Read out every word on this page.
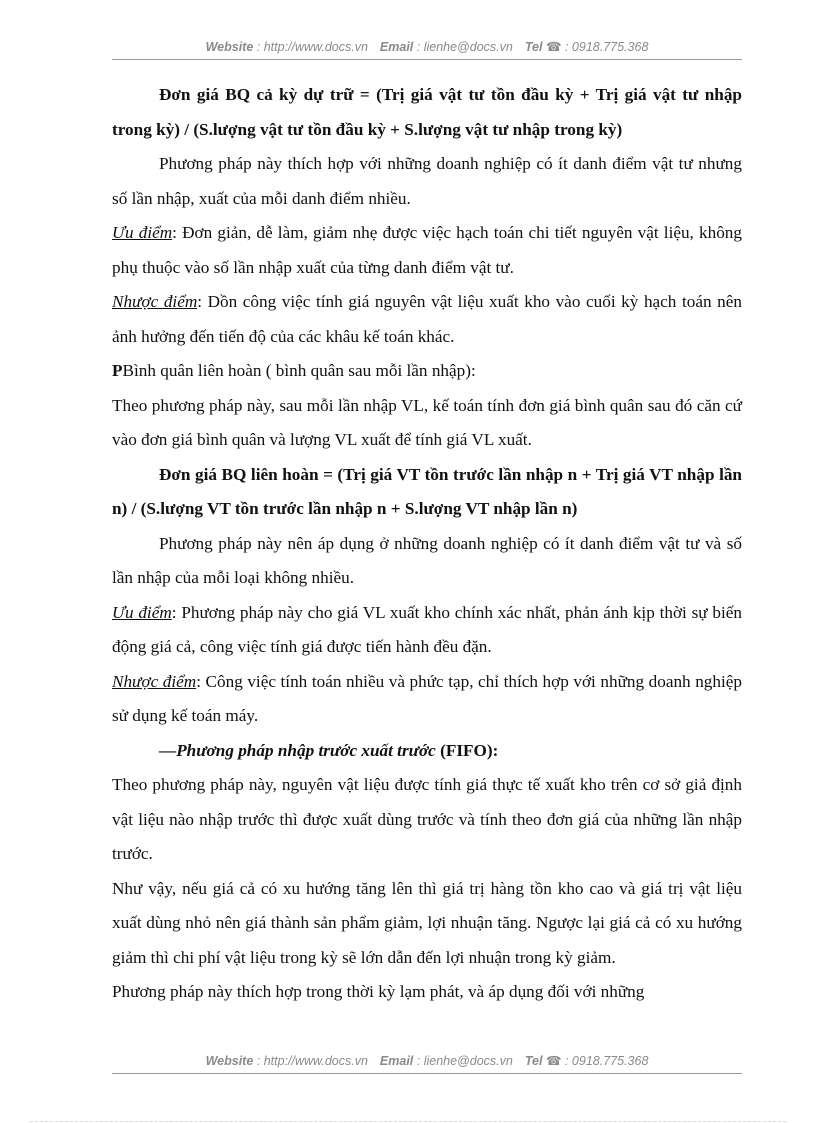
Website : http://www.docs.vn Email : lienhe@docs.vn Tel ☎ : 0918.775.368

Đơn giá BQ cả kỳ dự trữ = (Trị giá vật tư tồn đầu kỳ + Trị giá vật tư nhập trong kỳ) / (S.lượng vật tư tồn đầu kỳ + S.lượng vật tư nhập trong kỳ)

Phương pháp này thích hợp với những doanh nghiệp có ít danh điểm vật tư nhưng số lần nhập, xuất của mỗi danh điểm nhiều.

Ưu điểm: Đơn giản, dễ làm, giảm nhẹ được việc hạch toán chi tiết nguyên vật liệu, không phụ thuộc vào số lần nhập xuất của từng danh điểm vật tư.

Nhược điểm: Dồn công việc tính giá nguyên vật liệu xuất kho vào cuối kỳ hạch toán nên ảnh hưởng đến tiến độ của các khâu kế toán khác.

PBình quân liên hoàn ( bình quân sau mỗi lần nhập):

Theo phương pháp này, sau mỗi lần nhập VL, kế toán tính đơn giá bình quân sau đó căn cứ vào đơn giá bình quân và lượng VL xuất để tính giá VL xuất.

Đơn giá BQ liên hoàn = (Trị giá VT tồn trước lần nhập n + Trị giá VT nhập lần n) / (S.lượng VT tồn trước lần nhập n + S.lượng VT nhập lần n)

Phương pháp này nên áp dụng ở những doanh nghiệp có ít danh điểm vật tư và số lần nhập của mỗi loại không nhiều.

Ưu điểm: Phương pháp này cho giá VL xuất kho chính xác nhất, phản ánh kịp thời sự biến động giá cả, công việc tính giá được tiến hành đều đặn.

Nhược điểm: Công việc tính toán nhiều và phức tạp, chỉ thích hợp với những doanh nghiệp sử dụng kế toán máy.

—Phương pháp nhập trước xuất trước (FIFO):

Theo phương pháp này, nguyên vật liệu được tính giá thực tế xuất kho trên cơ sở giả định vật liệu nào nhập trước thì được xuất dùng trước và tính theo đơn giá của những lần nhập trước.

Như vậy, nếu giá cả có xu hướng tăng lên thì giá trị hàng tồn kho cao và giá trị vật liệu xuất dùng nhỏ nên giá thành sản phẩm giảm, lợi nhuận tăng. Ngược lại giá cả có xu hướng giảm thì chi phí vật liệu trong kỳ sẽ lớn dẫn đến lợi nhuận trong kỳ giảm.

Phương pháp này thích hợp trong thời kỳ lạm phát, và áp dụng đối với những

Website : http://www.docs.vn Email : lienhe@docs.vn Tel ☎ : 0918.775.368
